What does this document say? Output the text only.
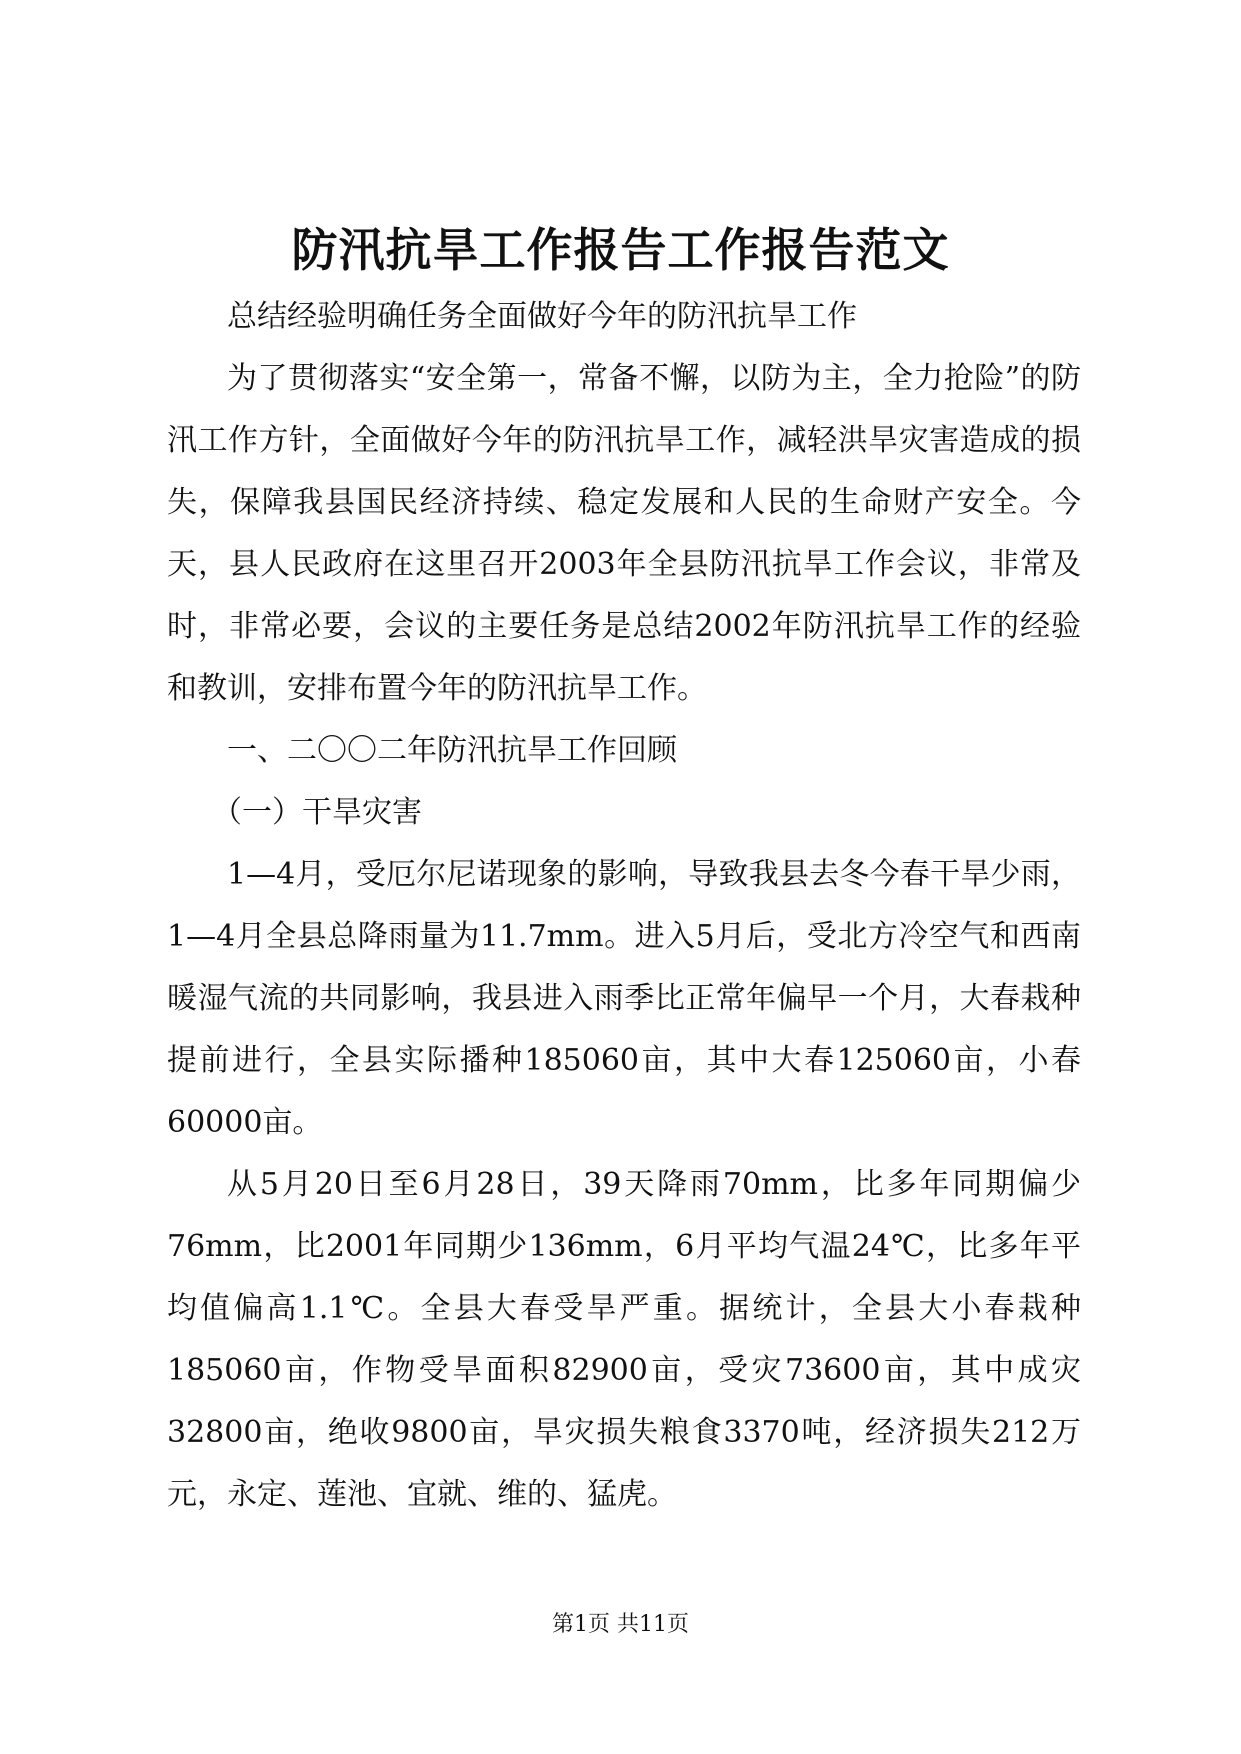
防汛抗旱工作报告工作报告范文

总结经验明确任务全面做好今年的防汛抗旱工作

为了贯彻落实“安全第一，常备不懈，以防为主，全力抢险”的防汛工作方针，全面做好今年的防汛抗旱工作，减轻洪旱灾害造成的损失，保障我县国民经济持续、稳定发展和人民的生命财产安全。今天，县人民政府在这里召开2003年全县防汛抗旱工作会议，非常及时，非常必要，会议的主要任务是总结2002年防汛抗旱工作的经验和教训，安排布置今年的防汛抗旱工作。

一、二〇〇二年防汛抗旱工作回顾

（一）干旱灾害

1—4月，受厄尔尼诺现象的影响，导致我县去冬今春干旱少雨，1—4月全县总降雨量为11.7mm。进入5月后，受北方冷空气和西南暖湿气流的共同影响，我县进入雨季比正常年偏早一个月，大春栽种提前进行，全县实际播种185060亩，其中大春125060亩，小春60000亩。

从5月20日至6月28日，39天降雨70mm，比多年同期偏少76mm，比2001年同期少136mm，6月平均气温24℃，比多年平均值偏高1.1℃。全县大春受旱严重。据统计，全县大小春栽种185060亩，作物受旱面积82900亩，受灾73600亩，其中成灾32800亩，绝收9800亩，旱灾损失粮食3370吨，经济损失212万元，永定、莲池、宜就、维的、猛虎。

第1页 共11页
